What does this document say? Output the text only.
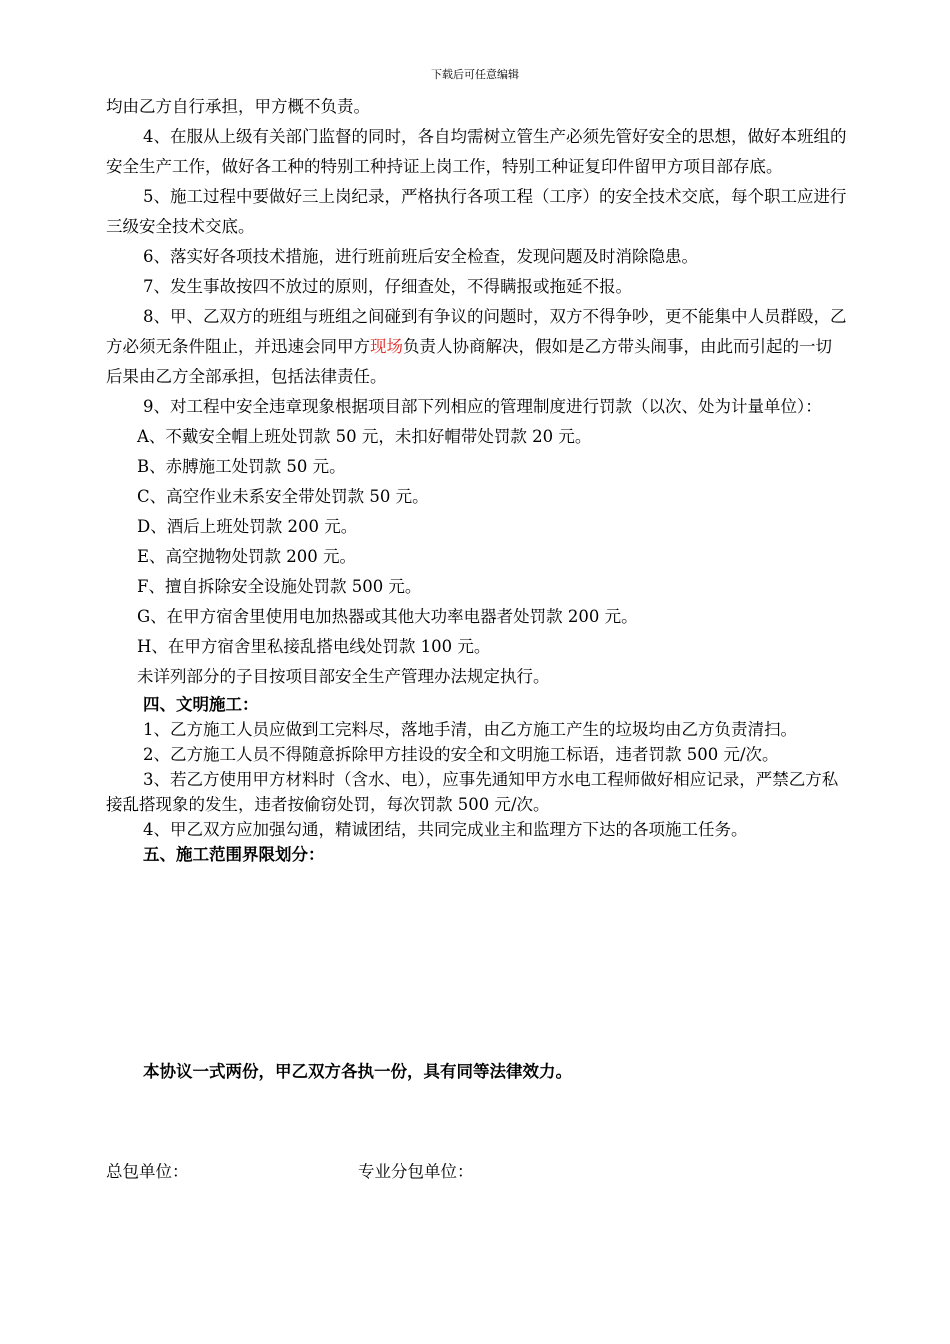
下载后可任意编辑

均由乙方自行承担，甲方概不负责。

4、在服从上级有关部门监督的同时，各自均需树立管生产必须先管好安全的思想，做好本班组的安全生产工作，做好各工种的特别工种持证上岗工作，特别工种证复印件留甲方项目部存底。

5、施工过程中要做好三上岗纪录，严格执行各项工程（工序）的安全技术交底，每个职工应进行三级安全技术交底。

6、落实好各项技术措施，进行班前班后安全检查，发现问题及时消除隐患。

7、发生事故按四不放过的原则，仔细查处，不得瞒报或拖延不报。

8、甲、乙双方的班组与班组之间碰到有争议的问题时，双方不得争吵，更不能集中人员群殴，乙方必须无条件阻止，并迅速会同甲方现场负责人协商解决，假如是乙方带头闹事，由此而引起的一切后果由乙方全部承担，包括法律责任。

9、对工程中安全违章现象根据项目部下列相应的管理制度进行罚款（以次、处为计量单位）：

A、不戴安全帽上班处罚款 50 元，未扣好帽带处罚款 20 元。

B、赤膊施工处罚款 50 元。

C、高空作业未系安全带处罚款 50 元。

D、酒后上班处罚款 200 元。

E、高空抛物处罚款 200 元。

F、擅自拆除安全设施处罚款 500 元。

G、在甲方宿舍里使用电加热器或其他大功率电器者处罚款 200 元。

H、在甲方宿舍里私接乱搭电线处罚款 100 元。

未详列部分的子目按项目部安全生产管理办法规定执行。

四、文明施工：

1、乙方施工人员应做到工完料尽，落地手清，由乙方施工产生的垃圾均由乙方负责清扫。

2、乙方施工人员不得随意拆除甲方挂设的安全和文明施工标语，违者罚款 500 元/次。

3、若乙方使用甲方材料时（含水、电），应事先通知甲方水电工程师做好相应记录，严禁乙方私接乱搭现象的发生，违者按偷窃处罚，每次罚款 500 元/次。

4、甲乙双方应加强勾通，精诚团结，共同完成业主和监理方下达的各项施工任务。

五、施工范围界限划分：

本协议一式两份，甲乙双方各执一份，具有同等法律效力。
总包单位：	专业分包单位：
